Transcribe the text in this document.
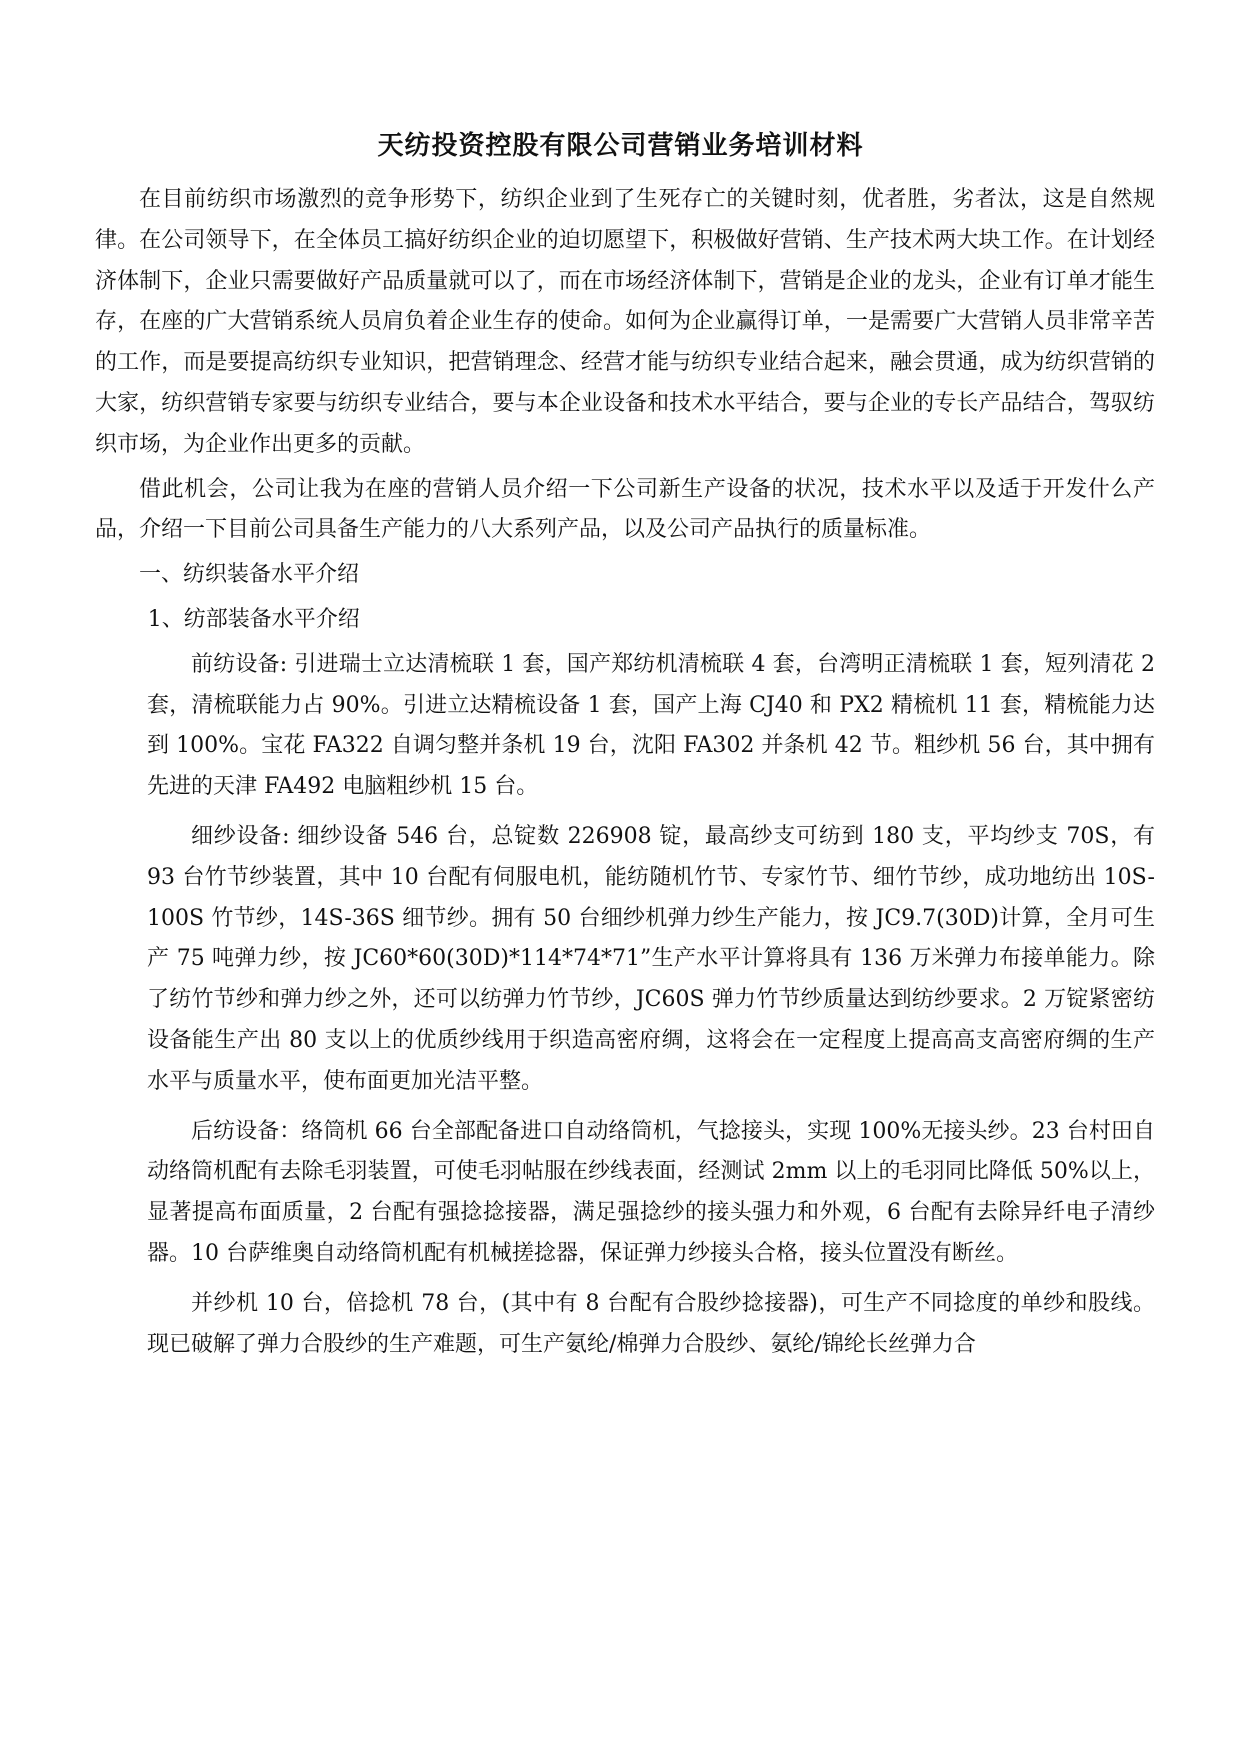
天纺投资控股有限公司营销业务培训材料

在目前纺织市场激烈的竞争形势下，纺织企业到了生死存亡的关键时刻，优者胜，劣者汰，这是自然规律。在公司领导下，在全体员工搞好纺织企业的迫切愿望下，积极做好营销、生产技术两大块工作。在计划经济体制下，企业只需要做好产品质量就可以了，而在市场经济体制下，营销是企业的龙头，企业有订单才能生存，在座的广大营销系统人员肩负着企业生存的使命。如何为企业赢得订单，一是需要广大营销人员非常辛苦的工作，而是要提高纺织专业知识，把营销理念、经营才能与纺织专业结合起来，融会贯通，成为纺织营销的大家，纺织营销专家要与纺织专业结合，要与本企业设备和技术水平结合，要与企业的专长产品结合，驾驭纺织市场，为企业作出更多的贡献。

借此机会，公司让我为在座的营销人员介绍一下公司新生产设备的状况，技术水平以及适于开发什么产品，介绍一下目前公司具备生产能力的八大系列产品，以及公司产品执行的质量标准。

一、纺织装备水平介绍

1、纺部装备水平介绍

前纺设备: 引进瑞士立达清梳联 1 套，国产郑纺机清梳联 4 套，台湾明正清梳联 1 套，短列清花 2 套，清梳联能力占 90%。引进立达精梳设备 1 套，国产上海 CJ40 和 PX2 精梳机 11 套，精梳能力达到 100%。宝花 FA322 自调匀整并条机 19 台，沈阳 FA302 并条机 42 节。粗纱机 56 台，其中拥有先进的天津 FA492 电脑粗纱机 15 台。

细纱设备: 细纱设备 546 台，总锭数 226908 锭，最高纱支可纺到 180 支，平均纱支 70S，有 93 台竹节纱装置，其中 10 台配有伺服电机，能纺随机竹节、专家竹节、细竹节纱，成功地纺出 10S-100S 竹节纱，14S-36S 细节纱。拥有 50 台细纱机弹力纱生产能力，按 JC9.7(30D)计算，全月可生产 75 吨弹力纱，按 JC60*60(30D)*114*74*71”生产水平计算将具有 136 万米弹力布接单能力。除了纺竹节纱和弹力纱之外，还可以纺弹力竹节纱，JC60S 弹力竹节纱质量达到纺纱要求。2 万锭紧密纺设备能生产出 80 支以上的优质纱线用于织造高密府绸，这将会在一定程度上提高高支高密府绸的生产水平与质量水平，使布面更加光洁平整。

后纺设备：络筒机 66 台全部配备进口自动络筒机，气捻接头，实现 100%无接头纱。23 台村田自动络筒机配有去除毛羽装置，可使毛羽帖服在纱线表面，经测试 2mm 以上的毛羽同比降低 50%以上，显著提高布面质量，2 台配有强捻捻接器，满足强捻纱的接头强力和外观，6 台配有去除异纤电子清纱器。10 台萨维奥自动络筒机配有机械搓捻器，保证弹力纱接头合格，接头位置没有断丝。

并纱机 10 台，倍捻机 78 台，(其中有 8 台配有合股纱捻接器)，可生产不同捻度的单纱和股线。现已破解了弹力合股纱的生产难题，可生产氨纶/棉弹力合股纱、氨纶/锦纶长丝弹力合
